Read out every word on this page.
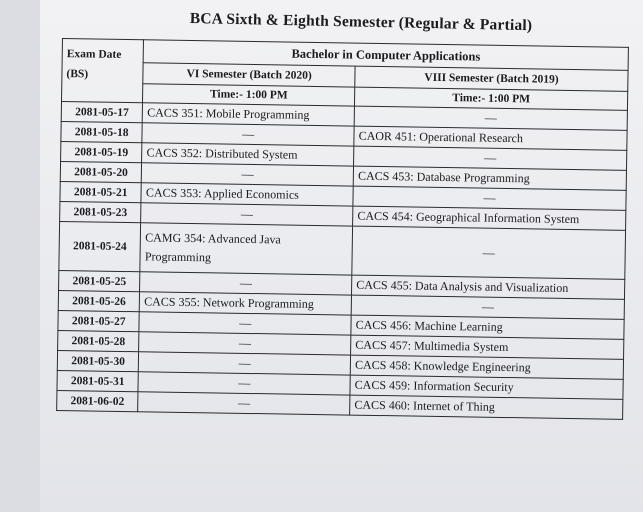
BCA Sixth & Eighth Semester (Regular & Partial)
Exam Date
(BS)	Bachelor in Computer Applications	
	VI Semester (Batch 2020)	VIII Semester (Batch 2019)
	Time:- 1:00 PM	Time:- 1:00 PM
2081-05-17	CACS 351: Mobile Programming	—
2081-05-18	—	CAOR 451: Operational Research
2081-05-19	CACS 352: Distributed System	—
2081-05-20	—	CACS 453: Database Programming
2081-05-21	CACS 353: Applied Economics	—
2081-05-23	—	CACS 454: Geographical Information System
2081-05-24	CAMG 354: Advanced Java Programming	—
2081-05-25	—	CACS 455: Data Analysis and Visualization
2081-05-26	CACS 355: Network Programming	—
2081-05-27	—	CACS 456: Machine Learning
2081-05-28	—	CACS 457: Multimedia System
2081-05-30	—	CACS 458: Knowledge Engineering
2081-05-31	—	CACS 459: Information Security
2081-06-02	—	CACS 460: Internet of Thing
